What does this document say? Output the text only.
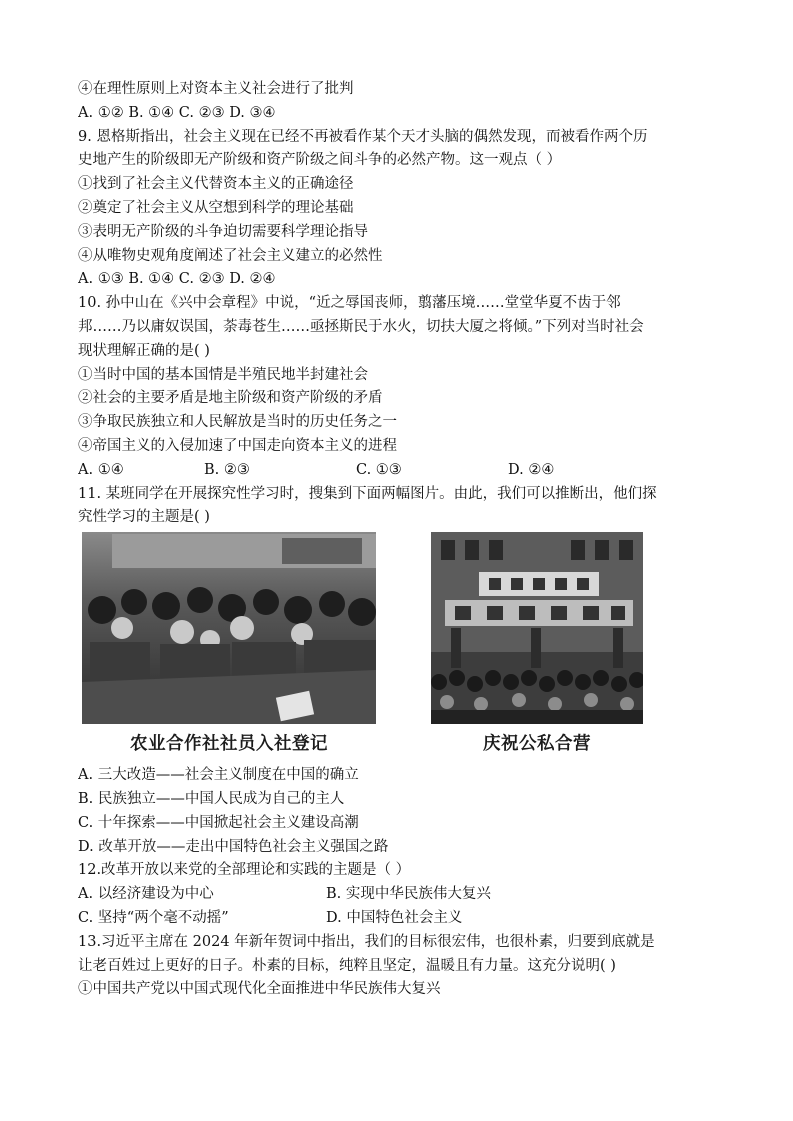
④在理性原则上对资本主义社会进行了批判
A. ①②
B. ①④
C. ②③
D. ③④
9. 恩格斯指出，社会主义现在已经不再被看作某个天才头脑的偶然发现，而被看作两个历
史地产生的阶级即无产阶级和资产阶级之间斗争的必然产物。这一观点（ ）
①找到了社会主义代替资本主义的正确途径
②奠定了社会主义从空想到科学的理论基础
③表明无产阶级的斗争迫切需要科学理论指导
④从唯物史观角度阐述了社会主义建立的必然性
A. ①③
B. ①④
C. ②③
D. ②④
10. 孙中山在《兴中会章程》中说，“近之辱国丧师，翦藩压境……堂堂华夏不齿于邻
邦……乃以庸奴误国，荼毒苍生……亟拯斯民于水火，切扶大厦之将倾。”下列对当时社会
现状理解正确的是( )
①当时中国的基本国情是半殖民地半封建社会
②社会的主要矛盾是地主阶级和资产阶级的矛盾
③争取民族独立和人民解放是当时的历史任务之一
④帝国主义的入侵加速了中国走向资本主义的进程
A. ①④	B. ②③	C. ①③	D. ②④
11. 某班同学在开展探究性学习时，搜集到下面两幅图片。由此，我们可以推断出，他们探
究性学习的主题是( )
农业合作社社员入社登记	庆祝公私合营
A. 三大改造——社会主义制度在中国的确立
B. 民族独立——中国人民成为自己的主人
C. 十年探索——中国掀起社会主义建设高潮
D. 改革开放——走出中国特色社会主义强国之路
12.改革开放以来党的全部理论和实践的主题是（ ）
A. 以经济建设为中心	B. 实现中华民族伟大复兴
C. 坚持“两个毫不动摇”	D. 中国特色社会主义
13.习近平主席在 2024 年新年贺词中指出，我们的目标很宏伟，也很朴素，归要到底就是
让老百姓过上更好的日子。朴素的目标，纯粹且坚定，温暖且有力量。这充分说明( )
①中国共产党以中国式现代化全面推进中华民族伟大复兴
